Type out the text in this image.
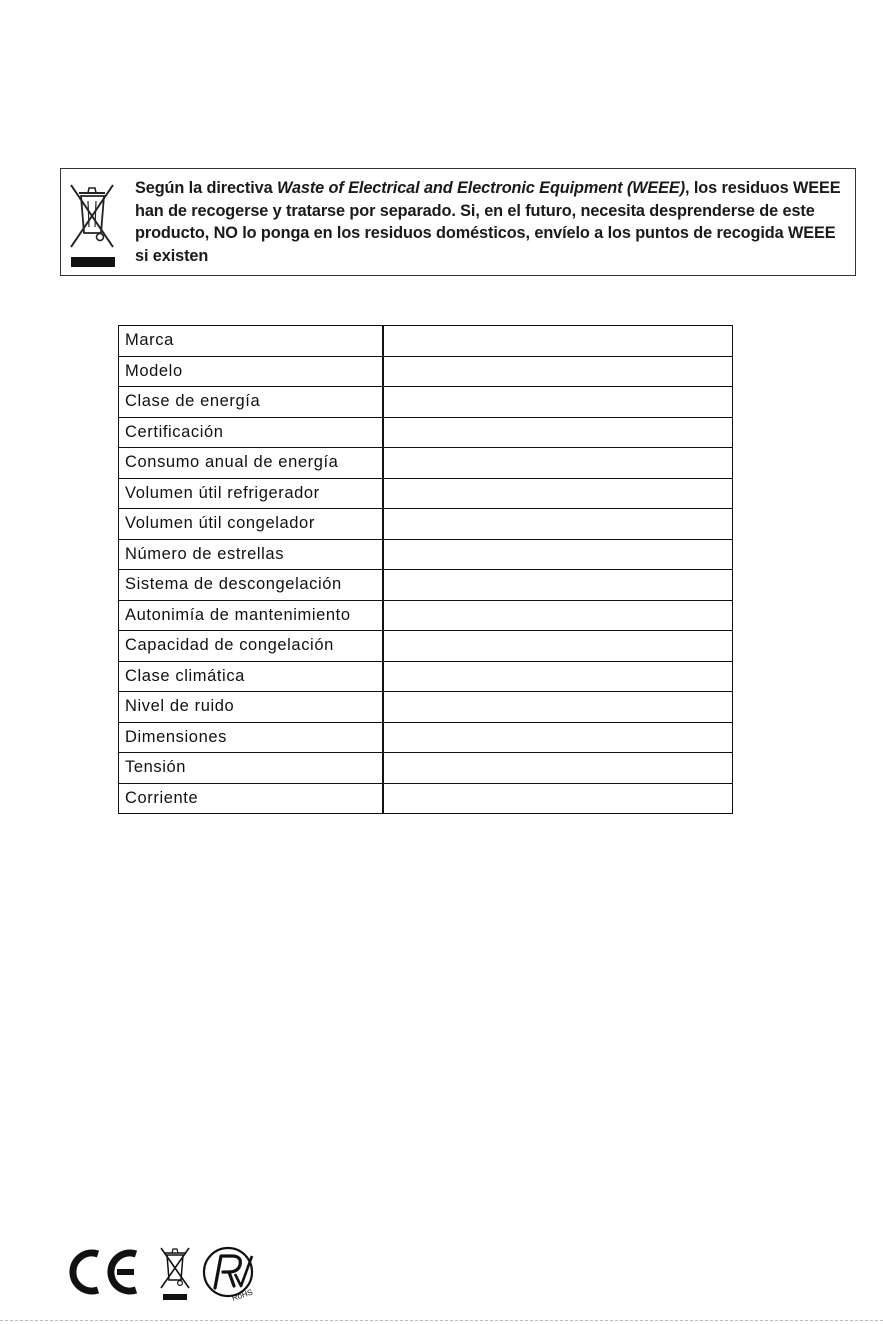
Según la directiva Waste of Electrical and Electronic Equipment (WEEE), los residuos WEEE han de recogerse y tratarse por separado. Si, en el futuro, necesita desprenderse de este producto, NO lo ponga en los residuos domésticos, envíelo a los puntos de recogida WEEE si existen
Marca	
Modelo	
Clase de energía	
Certificación	
Consumo anual de energía	
Volumen útil refrigerador	
Volumen útil congelador	
Número de estrellas	
Sistema de descongelación	
Autonimía de mantenimiento	
Capacidad de congelación	
Clase climática	
Nivel de ruido	
Dimensiones	
Tensión	
Corriente	
RoHS
